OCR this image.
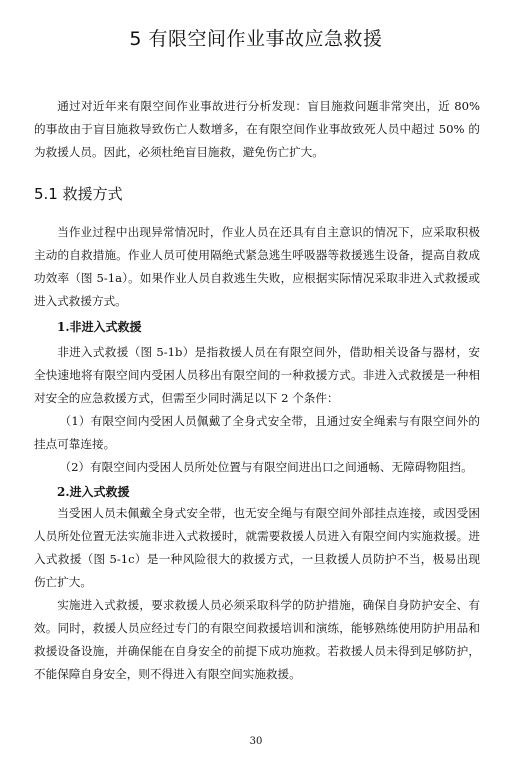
5 有限空间作业事故应急救援

通过对近年来有限空间作业事故进行分析发现：盲目施救问题非常突出，近 80% 的事故由于盲目施救导致伤亡人数增多，在有限空间作业事故致死人员中超过 50% 的为救援人员。因此，必须杜绝盲目施救，避免伤亡扩大。

5.1 救援方式

当作业过程中出现异常情况时，作业人员在还具有自主意识的情况下，应采取积极主动的自救措施。作业人员可使用隔绝式紧急逃生呼吸器等救援逃生设备，提高自救成功效率（图 5-1a）。如果作业人员自救逃生失败，应根据实际情况采取非进入式救援或进入式救援方式。

1.非进入式救援

非进入式救援（图 5-1b）是指救援人员在有限空间外，借助相关设备与器材，安全快速地将有限空间内受困人员移出有限空间的一种救援方式。非进入式救援是一种相对安全的应急救援方式，但需至少同时满足以下 2 个条件：

（1）有限空间内受困人员佩戴了全身式安全带，且通过安全绳索与有限空间外的挂点可靠连接。

（2）有限空间内受困人员所处位置与有限空间进出口之间通畅、无障碍物阻挡。

2.进入式救援

当受困人员未佩戴全身式安全带，也无安全绳与有限空间外部挂点连接，或因受困人员所处位置无法实施非进入式救援时，就需要救援人员进入有限空间内实施救援。进入式救援（图 5-1c）是一种风险很大的救援方式，一旦救援人员防护不当，极易出现伤亡扩大。

实施进入式救援，要求救援人员必须采取科学的防护措施，确保自身防护安全、有效。同时，救援人员应经过专门的有限空间救援培训和演练，能够熟练使用防护用品和救援设备设施，并确保能在自身安全的前提下成功施救。若救援人员未得到足够防护，不能保障自身安全，则不得进入有限空间实施救援。

30
